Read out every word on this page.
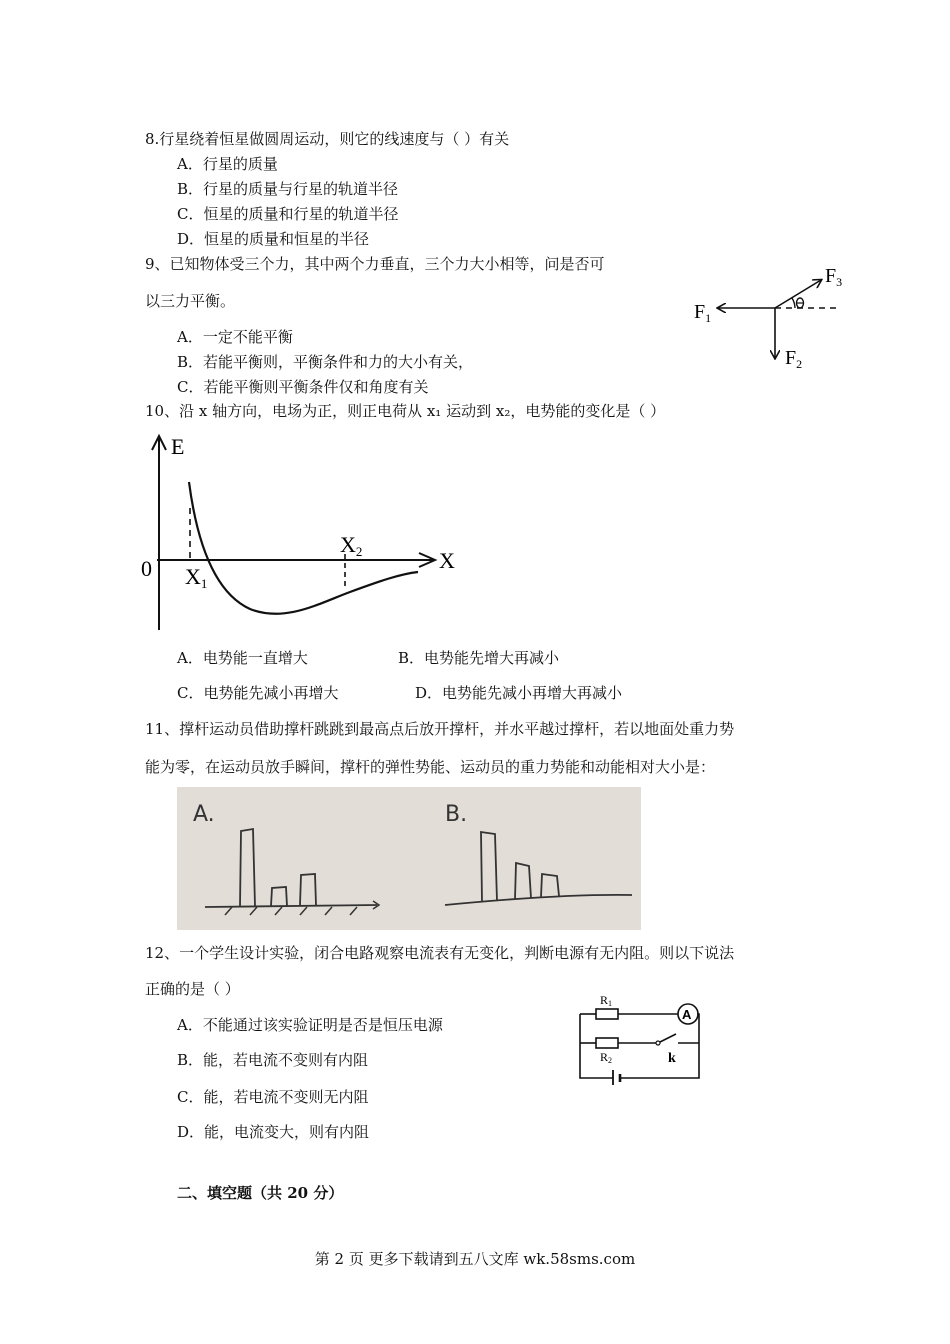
8.行星绕着恒星做圆周运动，则它的线速度与（ ）有关
A．行星的质量
B．行星的质量与行星的轨道半径
C．恒星的质量和行星的轨道半径
D．恒星的质量和恒星的半径
9、已知物体受三个力，其中两个力垂直，三个力大小相等，问是否可
以三力平衡。
A．一定不能平衡
B．若能平衡则，平衡条件和力的大小有关，
C．若能平衡则平衡条件仅和角度有关
$F_1$
$F_2$
$F_3$
10、沿 x 轴方向，电场为正，则正电荷从 x₁ 运动到 x₂，电势能的变化是（ ）
E
X
0 X1
X2
A．电势能一直增大	B．电势能先增大再减小
C．电势能先减小再增大	D．电势能先减小再增大再减小
11、撑杆运动员借助撑杆跳跳到最高点后放开撑杆，并水平越过撑杆，若以地面处重力势
能为零，在运动员放手瞬间，撑杆的弹性势能、运动员的重力势能和动能相对大小是：
A.	B.
12、一个学生设计实验，闭合电路观察电流表有无变化，判断电源有无内阻。则以下说法
正确的是（ ）
A．不能通过该实验证明是否是恒压电源
B．能，若电流不变则有内阻
C．能，若电流不变则无内阻
D．能，电流变大，则有内阻
A
R1
R2	k
二、填空题（共 20 分）
第 2 页 更多下载请到五八文库 wk.58sms.com
